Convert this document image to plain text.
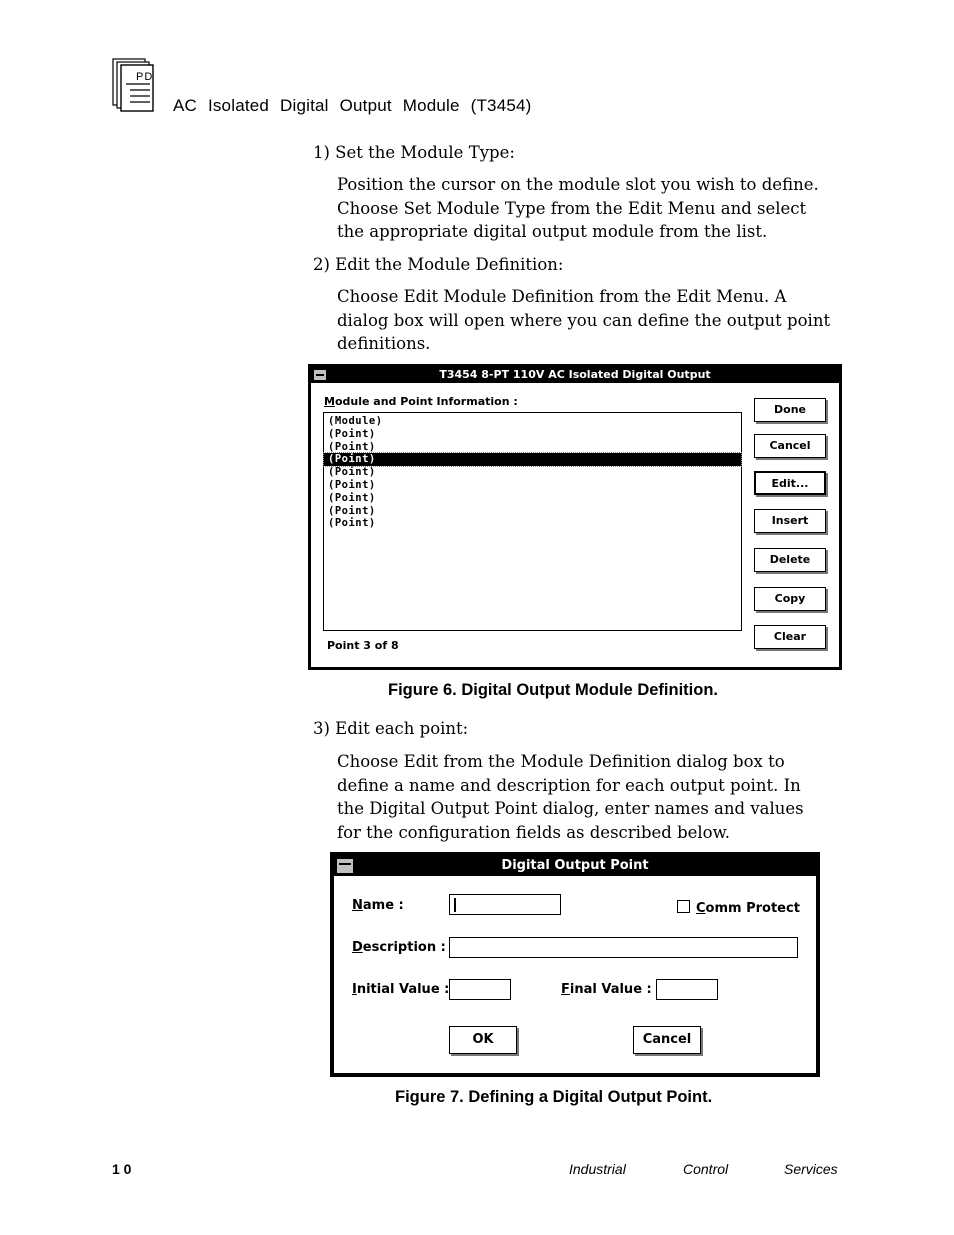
PD
AC Isolated Digital Output Module (T3454)
1) Set the Module Type:
Position the cursor on the module slot you wish to define.
Choose Set Module Type from the Edit Menu and select
the appropriate digital output module from the list.
2) Edit the Module Definition:
Choose Edit Module Definition from the Edit Menu. A
dialog box will open where you can define the output point
definitions.
T3454 8-PT 110V AC Isolated Digital Output
Module and Point Information :
(Module)
(Point)
(Point)
(Point)
(Point)
(Point)
(Point)
(Point)
(Point)
Point 3 of 8
Done
Cancel
Edit...
Insert
Delete
Copy
Clear
Figure 6. Digital Output Module Definition.
3) Edit each point:
Choose Edit from the Module Definition dialog box to
define a name and description for each output point. In
the Digital Output Point dialog, enter names and values
for the configuration fields as described below.
Digital Output Point
Name :	Comm Protect
Description :
Initial Value :	Final Value :
OK	Cancel
Figure 7. Defining a Digital Output Point.
1 0	Industrial	Control	Services
